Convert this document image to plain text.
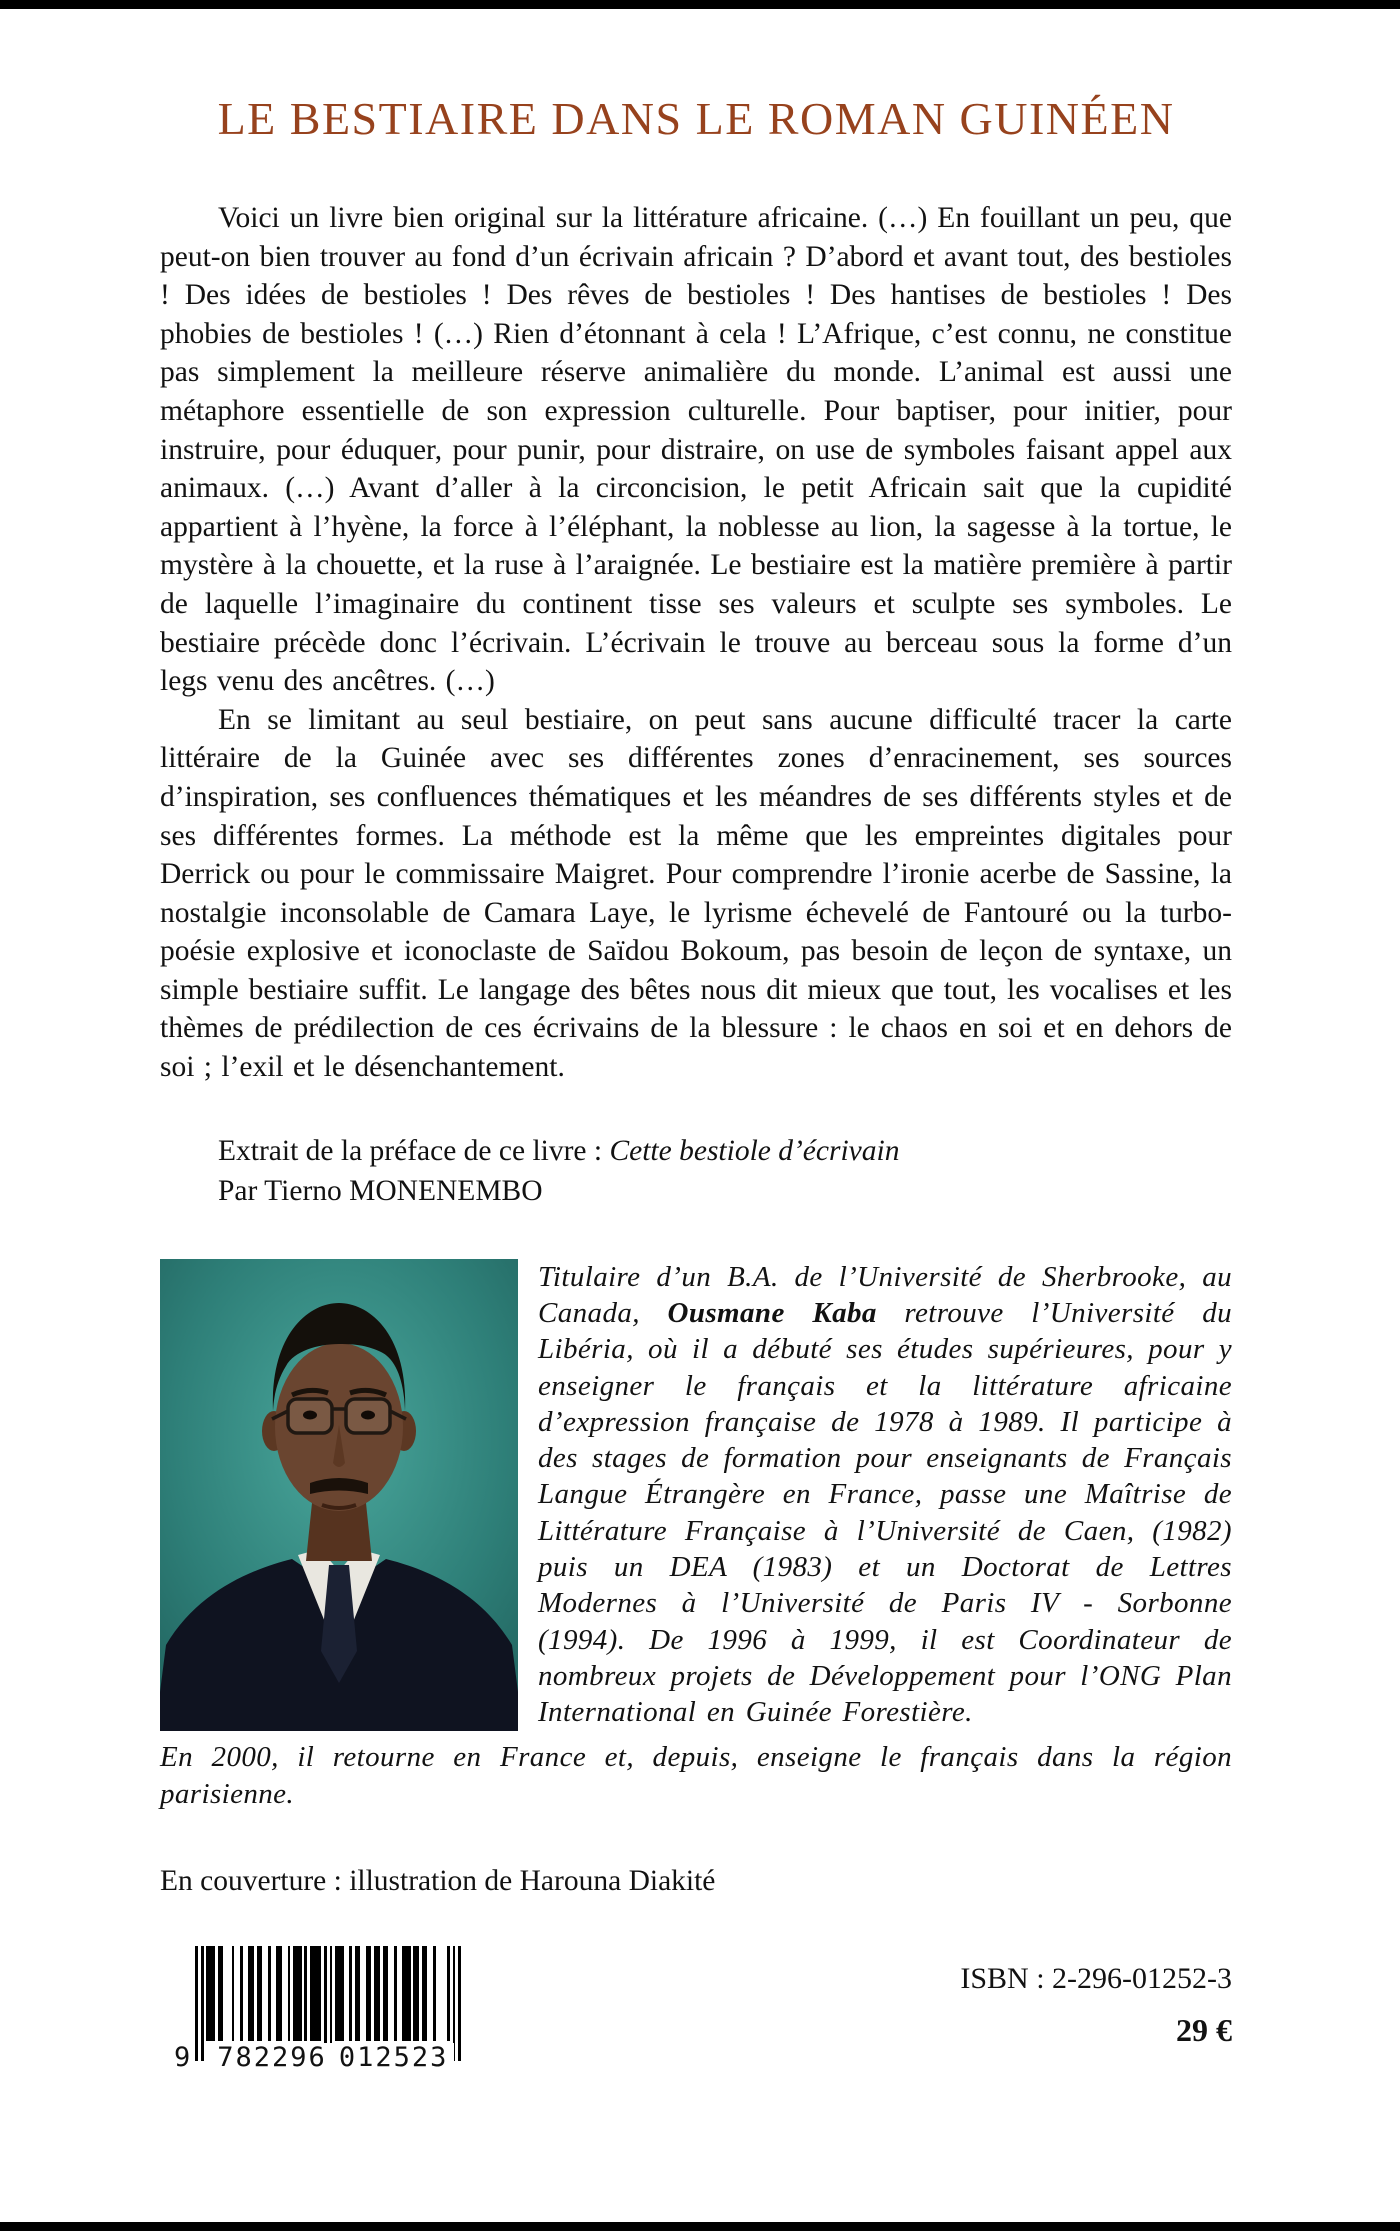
LE BESTIAIRE DANS LE ROMAN GUINÉEN

Voici un livre bien original sur la littérature africaine. (…) En fouillant un peu, que peut-on bien trouver au fond d’un écrivain africain ? D’abord et avant tout, des bestioles ! Des idées de bestioles ! Des rêves de bestioles ! Des hantises de bestioles ! Des phobies de bestioles ! (…) Rien d’étonnant à cela ! L’Afrique, c’est connu, ne constitue pas simplement la meilleure réserve animalière du monde. L’animal est aussi une métaphore essentielle de son expression culturelle. Pour baptiser, pour initier, pour instruire, pour éduquer, pour punir, pour distraire, on use de symboles faisant appel aux animaux. (…) Avant d’aller à la circoncision, le petit Africain sait que la cupidité appartient à l’hyène, la force à l’éléphant, la noblesse au lion, la sagesse à la tortue, le mystère à la chouette, et la ruse à l’araignée. Le bestiaire est la matière première à partir de laquelle l’imaginaire du continent tisse ses valeurs et sculpte ses symboles. Le bestiaire précède donc l’écrivain. L’écrivain le trouve au berceau sous la forme d’un legs venu des ancêtres. (…)

En se limitant au seul bestiaire, on peut sans aucune difficulté tracer la carte littéraire de la Guinée avec ses différentes zones d’enracinement, ses sources d’inspiration, ses confluences thématiques et les méandres de ses différents styles et de ses différentes formes. La méthode est la même que les empreintes digitales pour Derrick ou pour le commissaire Maigret. Pour comprendre l’ironie acerbe de Sassine, la nostalgie inconsolable de Camara Laye, le lyrisme échevelé de Fantouré ou la turbo-poésie explosive et iconoclaste de Saïdou Bokoum, pas besoin de leçon de syntaxe, un simple bestiaire suffit. Le langage des bêtes nous dit mieux que tout, les vocalises et les thèmes de prédilection de ces écrivains de la blessure : le chaos en soi et en dehors de soi ; l’exil et le désenchantement.

Extrait de la préface de ce livre : Cette bestiole d’écrivain
Par Tierno MONENEMBO

Titulaire d’un B.A. de l’Université de Sherbrooke, au Canada, Ousmane Kaba retrouve l’Université du Libéria, où il a débuté ses études supérieures, pour y enseigner le français et la littérature africaine d’expression française de 1978 à 1989. Il participe à des stages de formation pour enseignants de Français Langue Étrangère en France, passe une Maîtrise de Littérature Française à l’Université de Caen, (1982) puis un DEA (1983) et un Doctorat de Lettres Modernes à l’Université de Paris IV - Sorbonne (1994). De 1996 à 1999, il est Coordinateur de nombreux projets de Développement pour l’ONG Plan International en Guinée Forestière.

En 2000, il retourne en France et, depuis, enseigne le français dans la région parisienne.

En couverture : illustration de Harouna Diakité

9 782296 012523
ISBN : 2-296-01252-3
29 €
